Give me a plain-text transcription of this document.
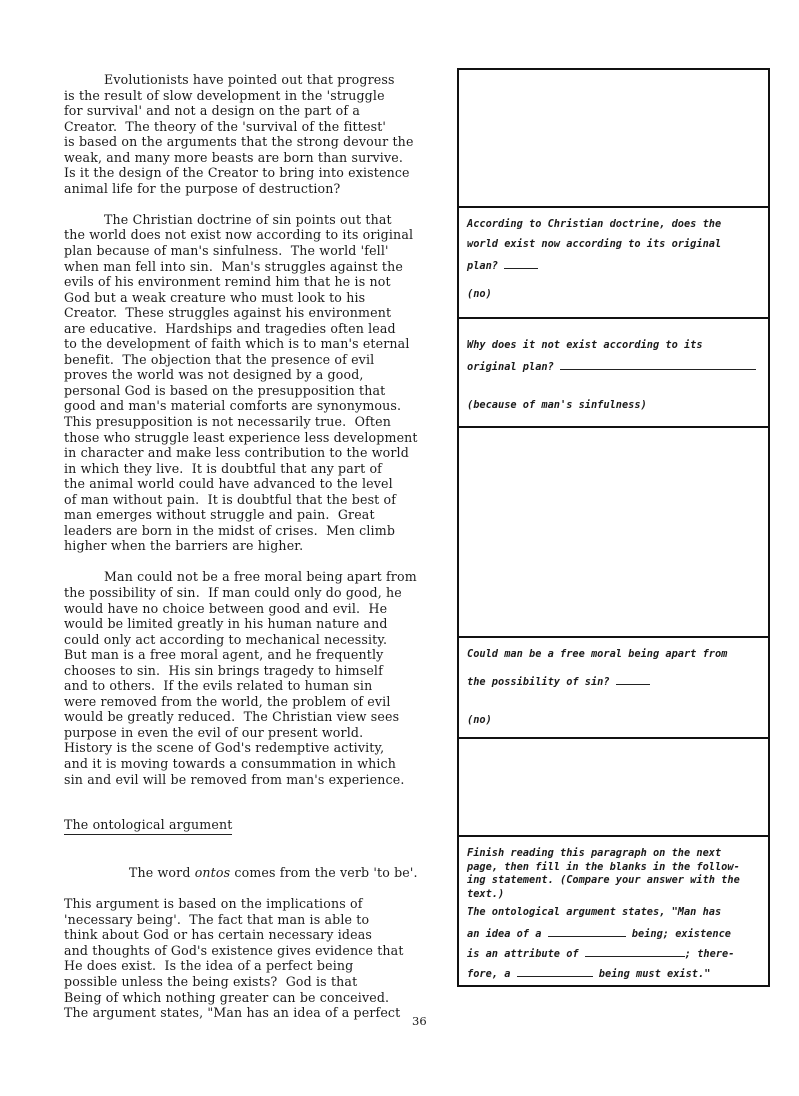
Evolutionists have pointed out that progress
is the result of slow development in the 'struggle
for survival' and not a design on the part of a
Creator.  The theory of the 'survival of the fittest'
is based on the arguments that the strong devour the
weak, and many more beasts are born than survive.
Is it the design of the Creator to bring into existence
animal life for the purpose of destruction?
The Christian doctrine of sin points out that
the world does not exist now according to its original
plan because of man's sinfulness.  The world 'fell'
when man fell into sin.  Man's struggles against the
evils of his environment remind him that he is not
God but a weak creature who must look to his
Creator.  These struggles against his environment
are educative.  Hardships and tragedies often lead
to the development of faith which is to man's eternal
benefit.  The objection that the presence of evil
proves the world was not designed by a good,
personal God is based on the presupposition that
good and man's material comforts are synonymous.
This presupposition is not necessarily true.  Often
those who struggle least experience less development
in character and make less contribution to the world
in which they live.  It is doubtful that any part of
the animal world could have advanced to the level
of man without pain.  It is doubtful that the best of
man emerges without struggle and pain.  Great
leaders are born in the midst of crises.  Men climb
higher when the barriers are higher.
Man could not be a free moral being apart from
the possibility of sin.  If man could only do good, he
would have no choice between good and evil.  He
would be limited greatly in his human nature and
could only act according to mechanical necessity.
But man is a free moral agent, and he frequently
chooses to sin.  His sin brings tragedy to himself
and to others.  If the evils related to human sin
were removed from the world, the problem of evil
would be greatly reduced.  The Christian view sees
purpose in even the evil of our present world.
History is the scene of God's redemptive activity,
and it is moving towards a consummation in which
sin and evil will be removed from man's experience.
The ontological argument

The word ontos comes from the verb 'to be'.

This argument is based on the implications of
'necessary being'.  The fact that man is able to
think about God or has certain necessary ideas
and thoughts of God's existence gives evidence that
He does exist.  Is the idea of a perfect being
possible unless the being exists?  God is that
Being of which nothing greater can be conceived.
The argument states, "Man has an idea of a perfect

According to Christian doctrine, does the
world exist now according to its original
plan?
(no)
Why does it not exist according to its
original plan?
(because of man's sinfulness)
Could man be a free moral being apart from
the possibility of sin?
(no)
Finish reading this paragraph on the next
page, then fill in the blanks in the follow-
ing statement. (Compare your answer with the
text.)
The ontological argument states, "Man has
an idea of a	being; existence
is an attribute of	; there-
fore, a	being must exist."
36
